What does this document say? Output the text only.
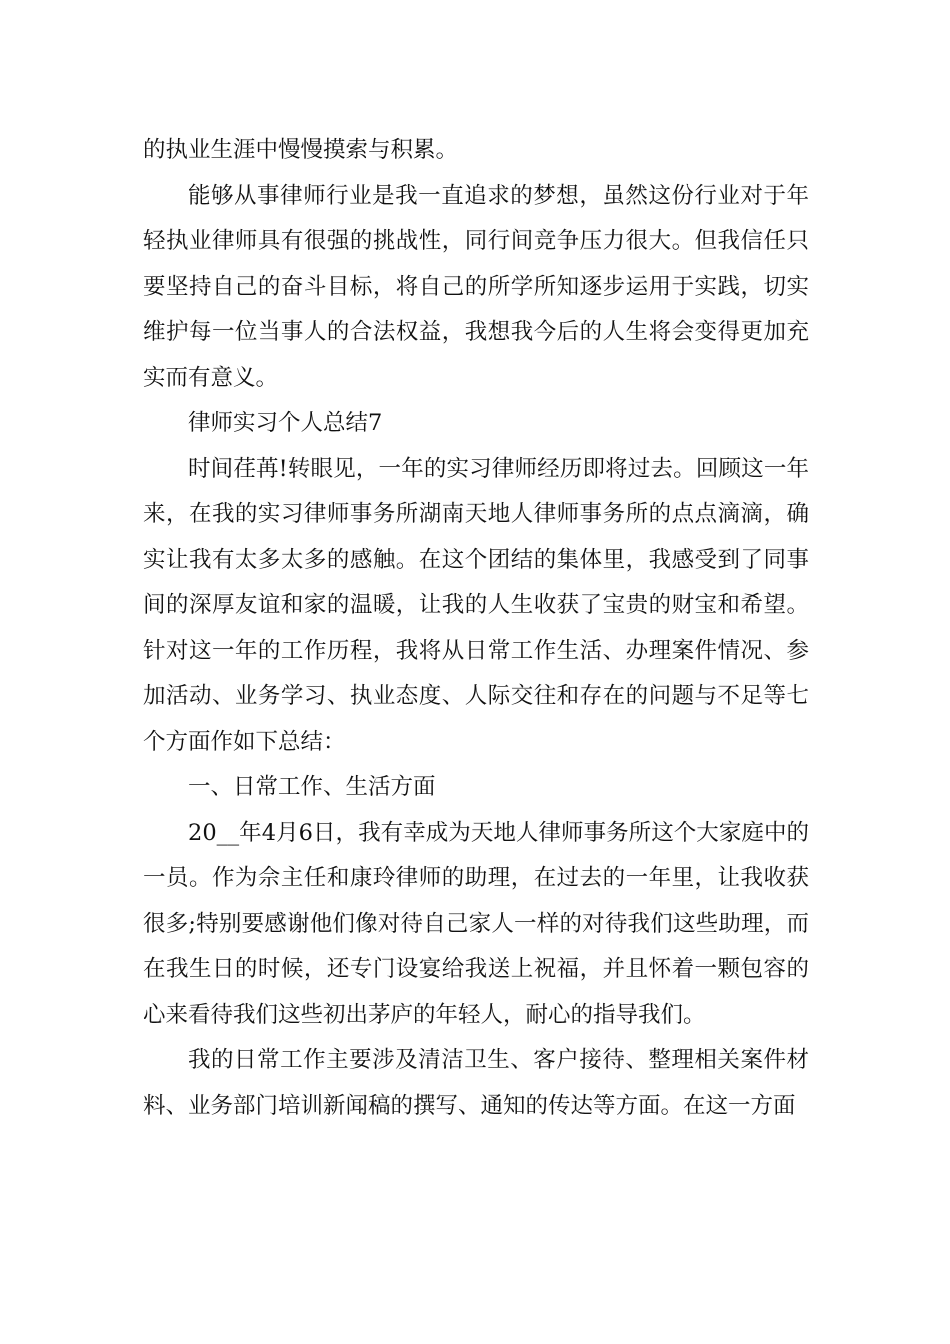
的执业生涯中慢慢摸索与积累。

能够从事律师行业是我一直追求的梦想，虽然这份行业对于年轻执业律师具有很强的挑战性，同行间竞争压力很大。但我信任只要坚持自己的奋斗目标，将自己的所学所知逐步运用于实践，切实维护每一位当事人的合法权益，我想我今后的人生将会变得更加充实而有意义。

律师实习个人总结7

时间荏苒!转眼见，一年的实习律师经历即将过去。回顾这一年来，在我的实习律师事务所湖南天地人律师事务所的点点滴滴，确实让我有太多太多的感触。在这个团结的集体里，我感受到了同事间的深厚友谊和家的温暖，让我的人生收获了宝贵的财宝和希望。针对这一年的工作历程，我将从日常工作生活、办理案件情况、参加活动、业务学习、执业态度、人际交往和存在的问题与不足等七个方面作如下总结：

一、日常工作、生活方面

20__年4月6日，我有幸成为天地人律师事务所这个大家庭中的一员。作为佘主任和康玲律师的助理，在过去的一年里，让我收获很多;特别要感谢他们像对待自己家人一样的对待我们这些助理，而在我生日的时候，还专门设宴给我送上祝福，并且怀着一颗包容的心来看待我们这些初出茅庐的年轻人，耐心的指导我们。

我的日常工作主要涉及清洁卫生、客户接待、整理相关案件材料、业务部门培训新闻稿的撰写、通知的传达等方面。在这一方面
